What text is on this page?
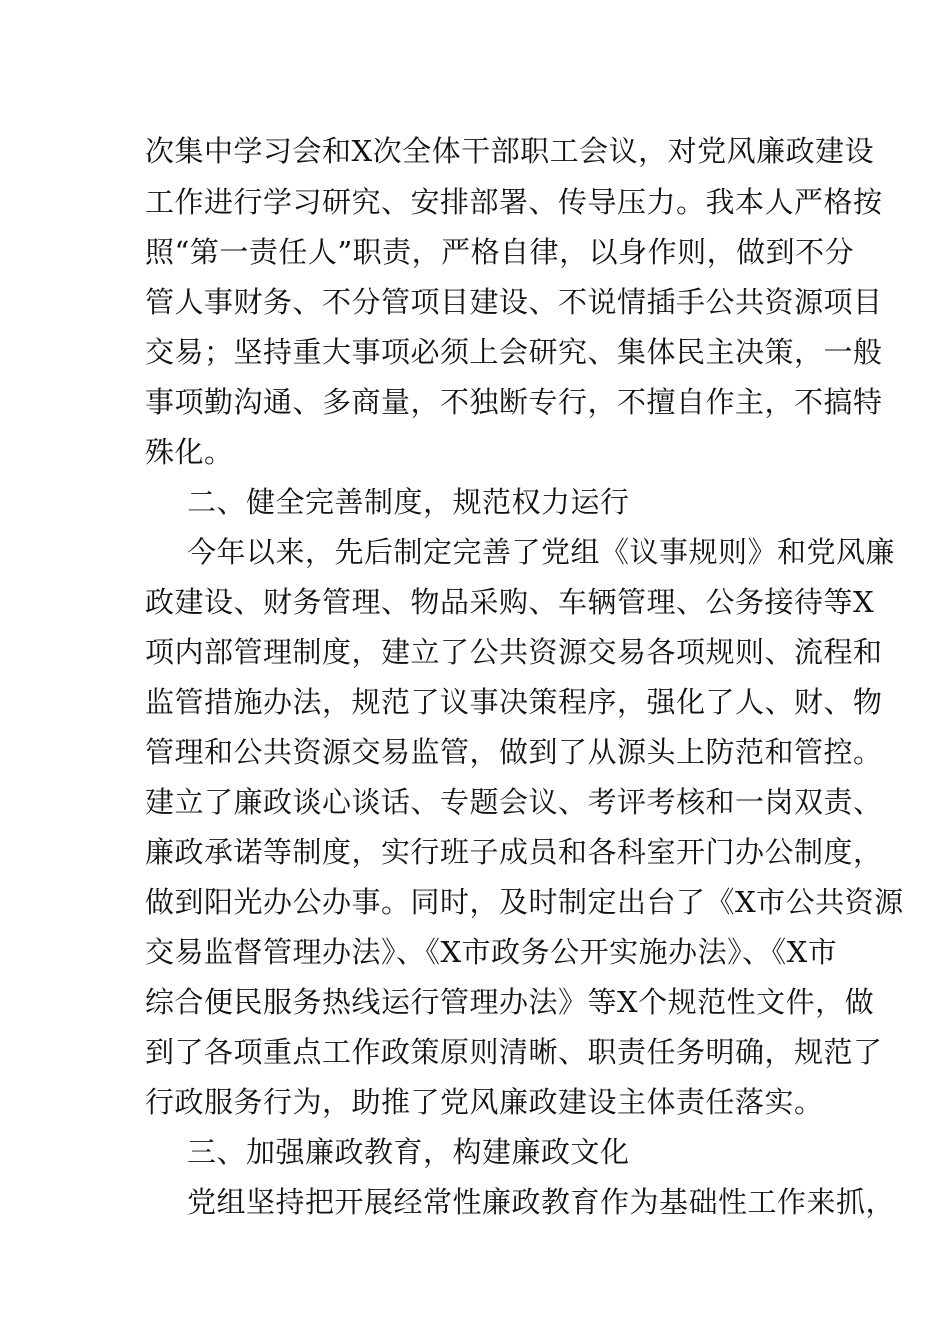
次集中学习会和X次全体干部职工会议，对党风廉政建设
工作进行学习研究、安排部署、传导压力。我本人严格按
照“第一责任人”职责，严格自律，以身作则，做到不分
管人事财务、不分管项目建设、不说情插手公共资源项目
交易；坚持重大事项必须上会研究、集体民主决策，一般
事项勤沟通、多商量，不独断专行，不擅自作主，不搞特
殊化。
二、健全完善制度，规范权力运行
今年以来，先后制定完善了党组《议事规则》和党风廉
政建设、财务管理、物品采购、车辆管理、公务接待等X
项内部管理制度，建立了公共资源交易各项规则、流程和
监管措施办法，规范了议事决策程序，强化了人、财、物
管理和公共资源交易监管，做到了从源头上防范和管控。
建立了廉政谈心谈话、专题会议、考评考核和一岗双责、
廉政承诺等制度，实行班子成员和各科室开门办公制度，
做到阳光办公办事。同时，及时制定出台了《X市公共资源
交易监督管理办法》、《X市政务公开实施办法》、《X市
综合便民服务热线运行管理办法》等X个规范性文件，做
到了各项重点工作政策原则清晰、职责任务明确，规范了
行政服务行为，助推了党风廉政建设主体责任落实。
三、加强廉政教育，构建廉政文化
党组坚持把开展经常性廉政教育作为基础性工作来抓，
